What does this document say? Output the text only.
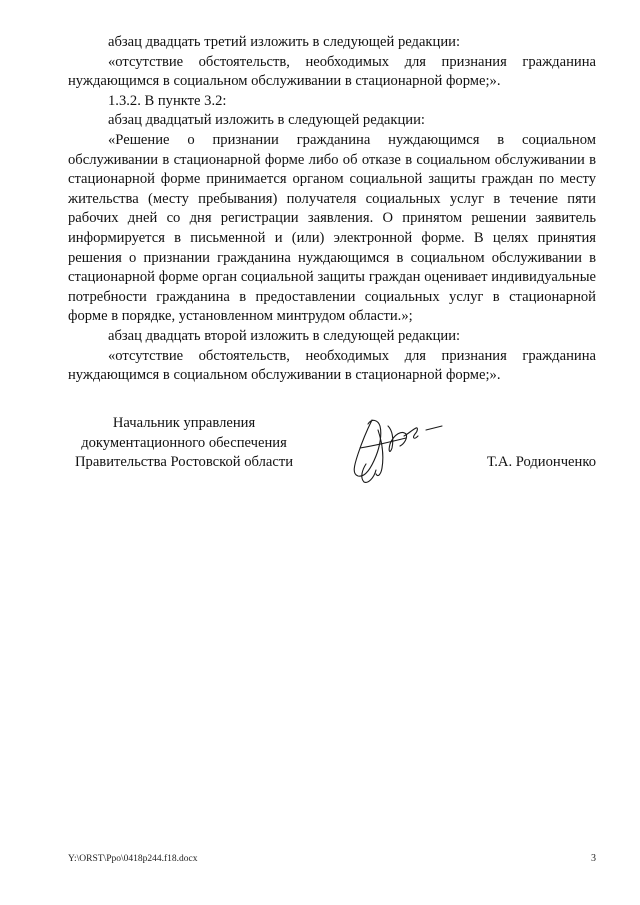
абзац двадцать третий изложить в следующей редакции:

«отсутствие обстоятельств, необходимых для признания гражданина нуждающимся в социальном обслуживании в стационарной форме;».

1.3.2. В пункте 3.2:

абзац двадцатый изложить в следующей редакции:

«Решение о признании гражданина нуждающимся в социальном обслуживании в стационарной форме либо об отказе в социальном обслуживании в стационарной форме принимается органом социальной защиты граждан по месту жительства (месту пребывания) получателя социальных услуг в течение пяти рабочих дней со дня регистрации заявления. О принятом решении заявитель информируется в письменной и (или) электронной форме. В целях принятия решения о признании гражданина нуждающимся в социальном обслуживании в стационарной форме орган социальной защиты граждан оценивает индивидуальные потребности гражданина в предоставлении социальных услуг в стационарной форме в порядке, установленном минтрудом области.»;

абзац двадцать второй изложить в следующей редакции:

«отсутствие обстоятельств, необходимых для признания гражданина нуждающимся в социальном обслуживании в стационарной форме;».

Начальник управления
документационного обеспечения
Правительства Ростовской области	Т.А. Родионченко
Y:\ORST\Ppo\0418p244.f18.docx	3
